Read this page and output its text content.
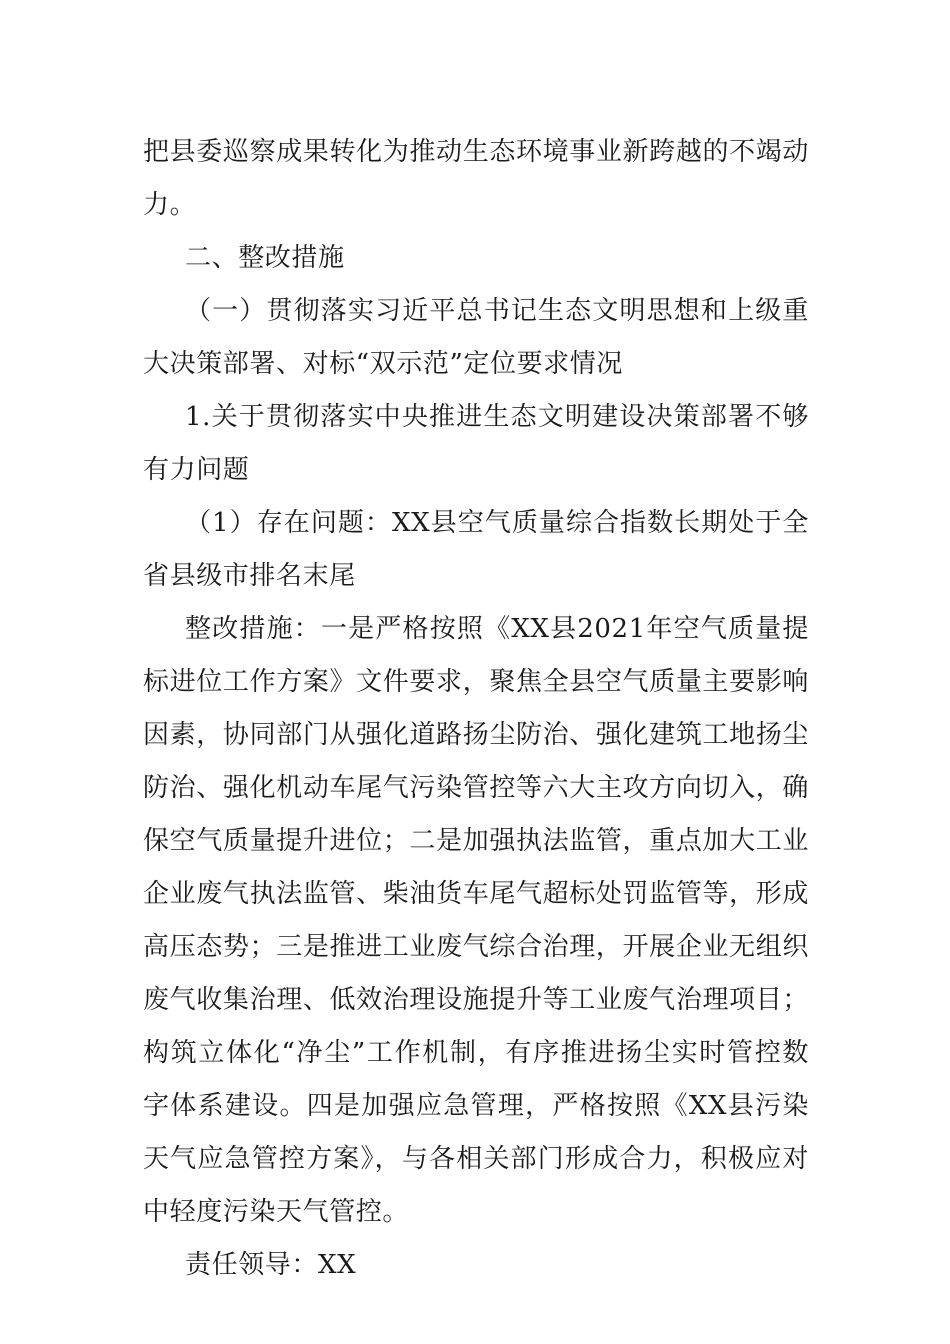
把县委巡察成果转化为推动生态环境事业新跨越的不竭动力。

二、整改措施

（一）贯彻落实习近平总书记生态文明思想和上级重大决策部署、对标“双示范”定位要求情况

1.关于贯彻落实中央推进生态文明建设决策部署不够有力问题

（1）存在问题：XX县空气质量综合指数长期处于全省县级市排名末尾

整改措施：一是严格按照《XX县2021年空气质量提标进位工作方案》文件要求，聚焦全县空气质量主要影响因素，协同部门从强化道路扬尘防治、强化建筑工地扬尘防治、强化机动车尾气污染管控等六大主攻方向切入，确保空气质量提升进位；二是加强执法监管，重点加大工业企业废气执法监管、柴油货车尾气超标处罚监管等，形成高压态势；三是推进工业废气综合治理，开展企业无组织废气收集治理、低效治理设施提升等工业废气治理项目；构筑立体化“净尘”工作机制，有序推进扬尘实时管控数字体系建设。四是加强应急管理，严格按照《XX县污染天气应急管控方案》，与各相关部门形成合力，积极应对中轻度污染天气管控。

责任领导：XX
